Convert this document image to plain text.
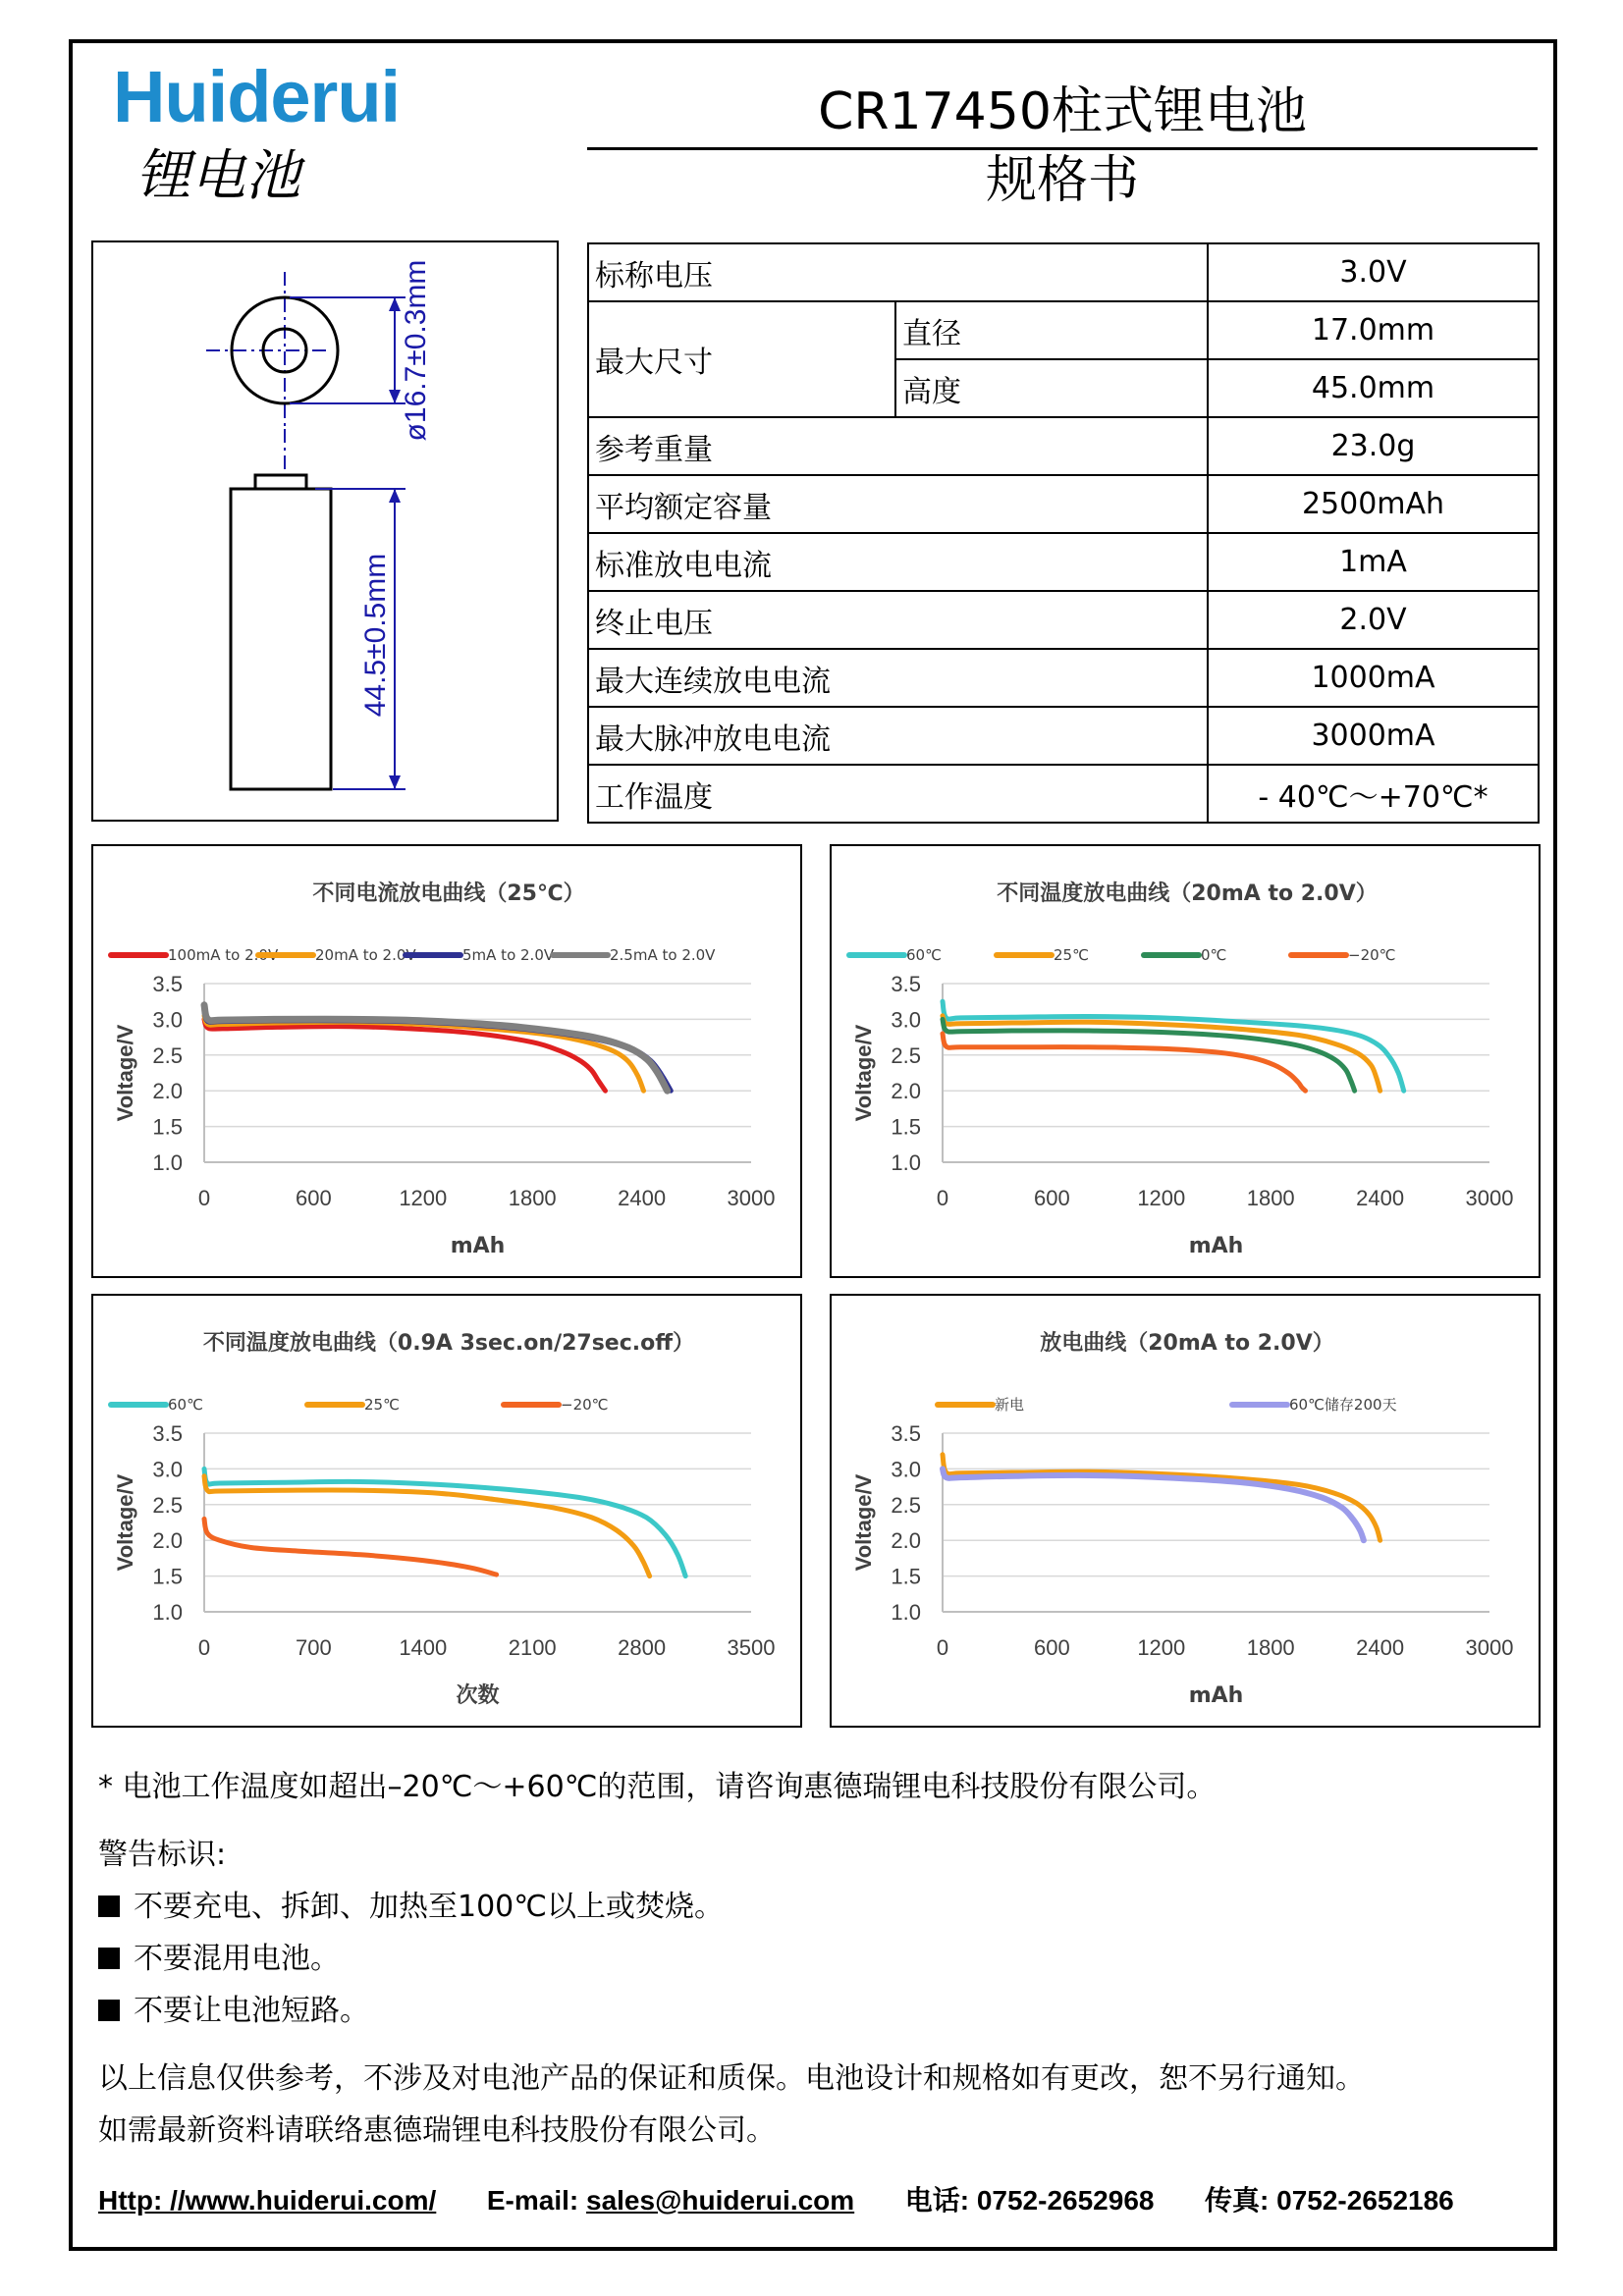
Huiderui
锂电池
CR17450柱式锂电池
规格书
ø16.7±0.3mm
44.5±0.5mm
标称电压		3.0V
最大尺寸	直径	17.0mm
	高度	45.0mm
参考重量		23.0g
平均额定容量		2500mAh
标准放电电流		1mA
终止电压		2.0V
最大连续放电电流		1000mA
最大脉冲放电电流		3000mA
工作温度		- 40℃～+70℃*
不同电流放电曲线（25℃）
100mA to 2.0V	20mA to 2.0V	5mA to 2.0V	2.5mA to 2.0V
1.0
1.5
2.0
2.5
3.0
3.5
0	600	1200	1800	2400	3000
mAh
Voltage/V
不同温度放电曲线（20mA to 2.0V）
60℃	25℃	0℃	−20℃
1.0
1.5
2.0
2.5
3.0
3.5
0	600	1200	1800	2400	3000
mAh
Voltage/V
不同温度放电曲线（0.9A 3sec.on/27sec.off）
60℃	25℃	−20℃
1.0
1.5
2.0
2.5
3.0
3.5
0	700	1400	2100	2800	3500
次数
Voltage/V
放电曲线（20mA to 2.0V）
新电	60℃储存200天
1.0
1.5
2.0
2.5
3.0
3.5
0	600	1200	1800	2400	3000
mAh
Voltage/V
* 电池工作温度如超出–20℃～+60℃的范围，请咨询惠德瑞锂电科技股份有限公司。
警告标识:
不要充电、拆卸、加热至100℃以上或焚烧。
不要混用电池。
不要让电池短路。
以上信息仅供参考，不涉及对电池产品的保证和质保。电池设计和规格如有更改，恕不另行通知。
如需最新资料请联络惠德瑞锂电科技股份有限公司。
Http: //www.huiderui.com/ E-mail: sales@huiderui.com 电话: 0752-2652968 传真: 0752-2652186
